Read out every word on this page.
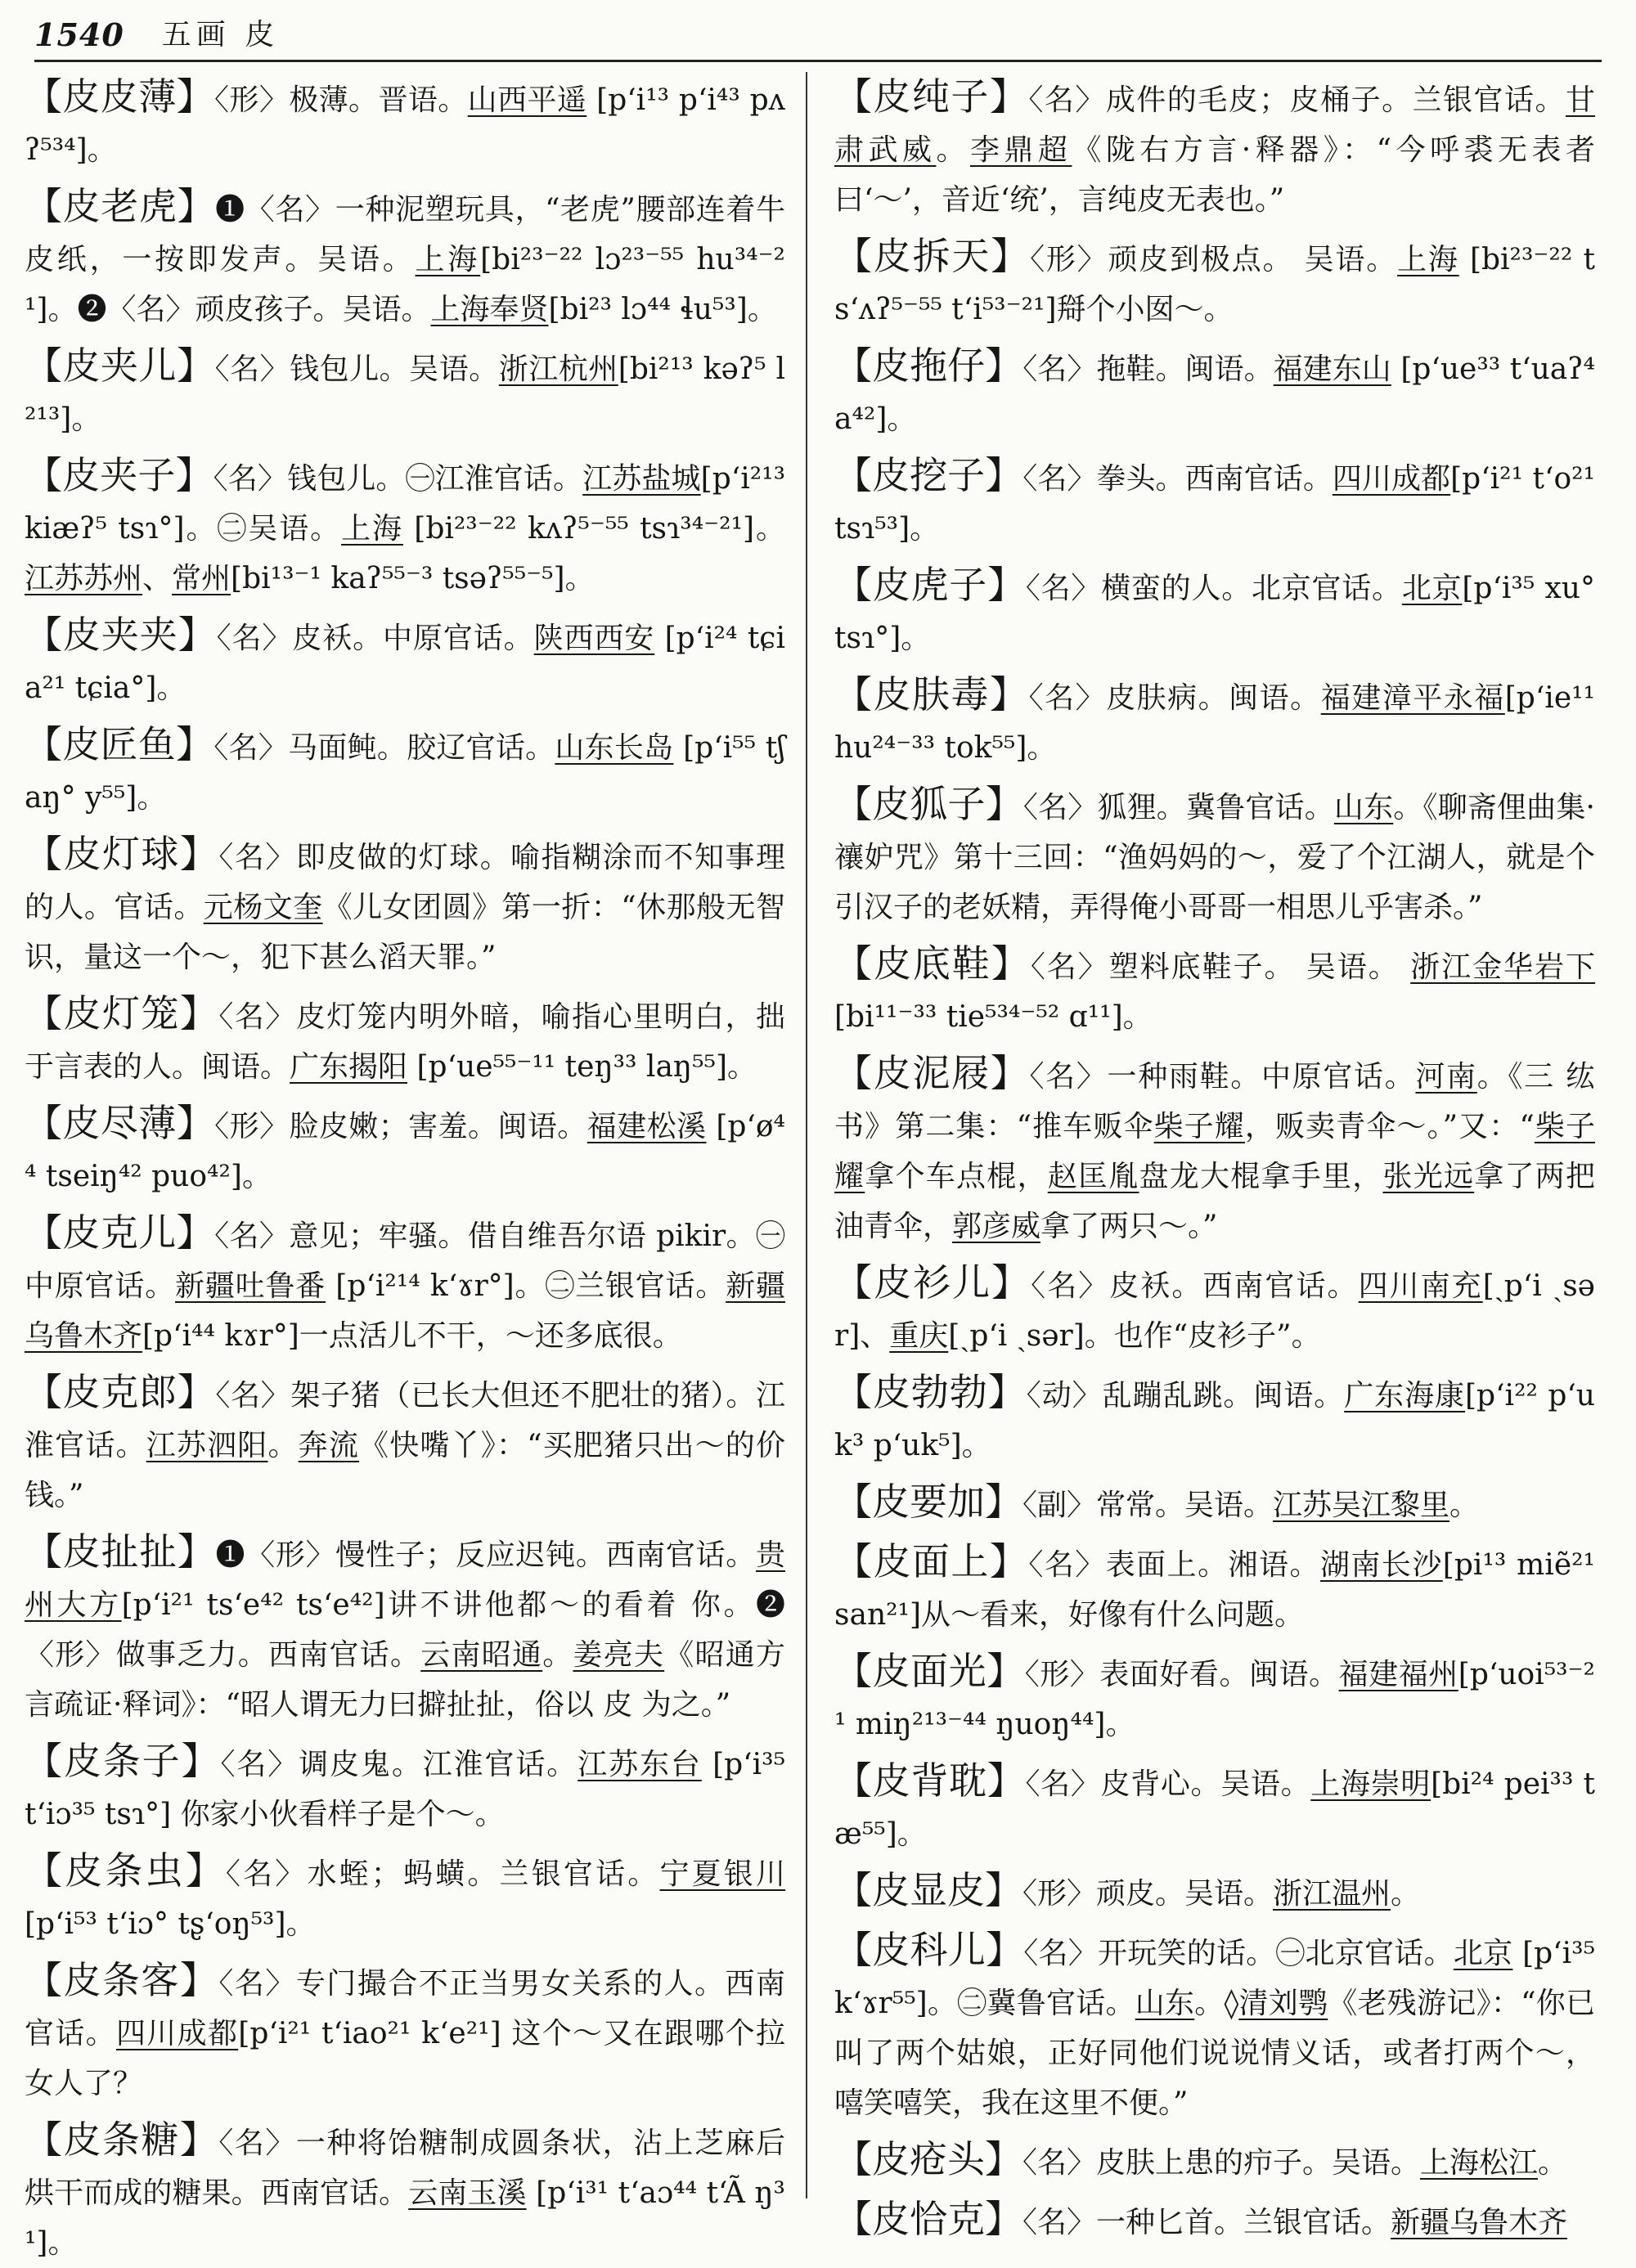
1540 五画 皮
【皮皮薄】〈形〉极薄。晋语。山西平遥 [p‘i¹³ p‘i⁴³ pʌʔ⁵³⁴]。
【皮老虎】❶〈名〉一种泥塑玩具，“老虎”腰部连着牛皮纸，一按即发声。吴语。上海[bi²³⁻²² lɔ²³⁻⁵⁵ hu³⁴⁻²¹]。❷〈名〉顽皮孩子。吴语。上海奉贤[bi²³ lɔ⁴⁴ ɬu⁵³]。
【皮夹儿】〈名〉钱包儿。吴语。浙江杭州[bi²¹³ kəʔ⁵ l²¹³]。
【皮夹子】〈名〉钱包儿。㊀江淮官话。江苏盐城[p‘i²¹³ kiæʔ⁵ tsɿ°]。㊁吴语。上海 [bi²³⁻²² kʌʔ⁵⁻⁵⁵ tsɿ³⁴⁻²¹]。江苏苏州、常州[bi¹³⁻¹ kaʔ⁵⁵⁻³ tsəʔ⁵⁵⁻⁵]。
【皮夹夹】〈名〉皮袄。中原官话。陕西西安 [p‘i²⁴ tɕia²¹ tɕia°]。
【皮匠鱼】〈名〉马面鲀。胶辽官话。山东长岛 [p‘i⁵⁵ tʃaŋ° y⁵⁵]。
【皮灯球】〈名〉即皮做的灯球。喻指糊涂而不知事理的人。官话。元杨文奎《儿女团圆》第一折：“休那般无智识，量这一个～，犯下甚么滔天罪。”
【皮灯笼】〈名〉皮灯笼内明外暗，喻指心里明白，拙于言表的人。闽语。广东揭阳 [p‘ue⁵⁵⁻¹¹ teŋ³³ laŋ⁵⁵]。
【皮尽薄】〈形〉脸皮嫩；害羞。闽语。福建松溪 [p‘ø⁴⁴ tseiŋ⁴² puo⁴²]。
【皮克儿】〈名〉意见；牢骚。借自维吾尔语 pikir。㊀中原官话。新疆吐鲁番 [p‘i²¹⁴ k‘ɤr°]。㊁兰银官话。新疆乌鲁木齐[p‘i⁴⁴ kɤr°]一点活儿不干，～还多底很。
【皮克郎】〈名〉架子猪（已长大但还不肥壮的猪）。江淮官话。江苏泗阳。奔流《快嘴丫》：“买肥猪只出～的价钱。”
【皮扯扯】❶〈形〉慢性子；反应迟钝。西南官话。贵州大方[p‘i²¹ ts‘e⁴² ts‘e⁴²]讲不讲他都～的看着 你。❷〈形〉做事乏力。西南官话。云南昭通。姜亮夫《昭通方言疏证·释词》：“昭人谓无力曰擗扯扯，俗以 皮 为之。”
【皮条子】〈名〉调皮鬼。江淮官话。江苏东台 [p‘i³⁵ t‘iɔ³⁵ tsɿ°] 你家小伙看样子是个～。
【皮条虫】〈名〉水蛭；蚂蟥。兰银官话。宁夏银川 [p‘i⁵³ t‘iɔ° tʂ‘oŋ⁵³]。
【皮条客】〈名〉专门撮合不正当男女关系的人。西南官话。四川成都[p‘i²¹ t‘iao²¹ k‘e²¹] 这个～又在跟哪个拉女人了？
【皮条糖】〈名〉一种将饴糖制成圆条状，沾上芝麻后烘干而成的糖果。西南官话。云南玉溪 [p‘i³¹ t‘aɔ⁴⁴ t‘Ã ŋ³¹]。
【皮纯子】〈名〉成件的毛皮；皮桶子。兰银官话。甘肃武威。李鼎超《陇右方言·释器》：“今呼裘无表者曰‘～’，音近‘统’，言纯皮无表也。”
【皮拆天】〈形〉顽皮到极点。 吴语。上海 [bi²³⁻²² ts‘ʌʔ⁵⁻⁵⁵ t‘i⁵³⁻²¹]搿个小囡～。
【皮拖仔】〈名〉拖鞋。闽语。福建东山 [p‘ue³³ t‘uaʔ⁴ a⁴²]。
【皮挖子】〈名〉拳头。西南官话。四川成都[p‘i²¹ t‘o²¹ tsɿ⁵³]。
【皮虎子】〈名〉横蛮的人。北京官话。北京[p‘i³⁵ xu° tsɿ°]。
【皮肤毒】〈名〉皮肤病。闽语。福建漳平永福[p‘ie¹¹ hu²⁴⁻³³ tok⁵⁵]。
【皮狐子】〈名〉狐狸。冀鲁官话。山东。《聊斋俚曲集·禳妒咒》第十三回：“渔妈妈的～，爱了个江湖人，就是个引汉子的老妖精，弄得俺小哥哥一相思儿乎害杀。”
【皮底鞋】〈名〉塑料底鞋子。 吴语。 浙江金华岩下 [bi¹¹⁻³³ tie⁵³⁴⁻⁵² ɑ¹¹]。
【皮泥屐】〈名〉一种雨鞋。中原官话。河南。《三 纮 书》第二集：“推车贩伞柴子耀，贩卖青伞～。”又：“柴子耀拿个车点棍，赵匡胤盘龙大棍拿手里，张光远拿了两把油青伞，郭彦威拿了两只～。”
【皮衫儿】〈名〉皮袄。西南官话。四川南充[ˏp‘i ˎsər]、重庆[ˏp‘i ˎsər]。也作“皮衫子”。
【皮勃勃】〈动〉乱蹦乱跳。闽语。广东海康[p‘i²² p‘uk³ p‘uk⁵]。
【皮要加】〈副〉常常。吴语。江苏吴江黎里。
【皮面上】〈名〉表面上。湘语。湖南长沙[pi¹³ miẽ²¹ san²¹]从～看来，好像有什么问题。
【皮面光】〈形〉表面好看。闽语。福建福州[p‘uoi⁵³⁻²¹ miŋ²¹³⁻⁴⁴ ŋuoŋ⁴⁴]。
【皮背耽】〈名〉皮背心。吴语。上海崇明[bi²⁴ pei³³ tæ⁵⁵]。
【皮显皮】〈形〉顽皮。吴语。浙江温州。
【皮科儿】〈名〉开玩笑的话。㊀北京官话。北京 [p‘i³⁵ k‘ɤr⁵⁵]。㊁冀鲁官话。山东。◊清刘鹗《老残游记》：“你已叫了两个姑娘，正好同他们说说情义话，或者打两个～，嘻笑嘻笑，我在这里不便。”
【皮疮头】〈名〉皮肤上患的疖子。吴语。上海松江。
【皮恰克】〈名〉一种匕首。兰银官话。新疆乌鲁木齐
